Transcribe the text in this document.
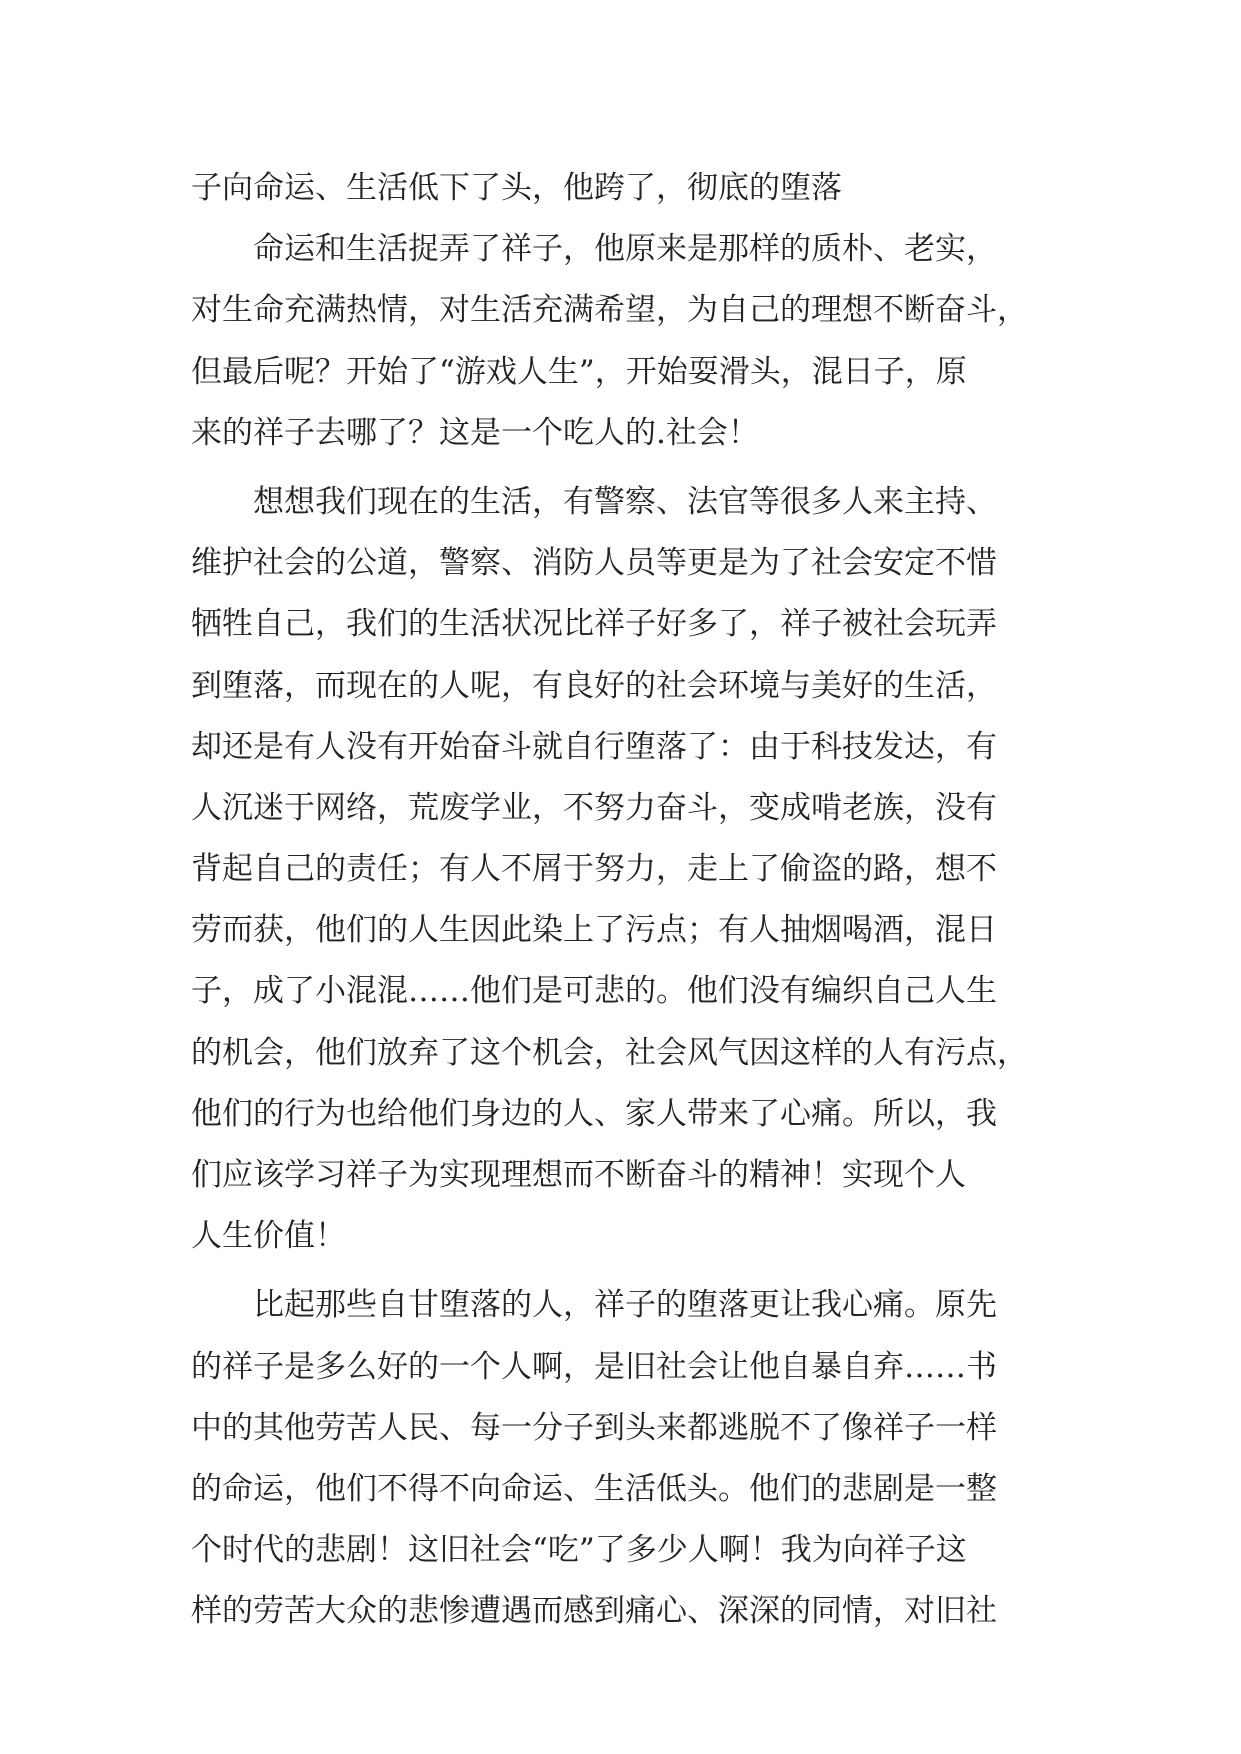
子向命运、生活低下了头，他跨了，彻底的堕落
　　命运和生活捉弄了祥子，他原来是那样的质朴、老实，
对生命充满热情，对生活充满希望，为自己的理想不断奋斗，
但最后呢？开始了“游戏人生”，开始耍滑头，混日子，原
来的祥子去哪了？这是一个吃人的.社会！
　　想想我们现在的生活，有警察、法官等很多人来主持、
维护社会的公道，警察、消防人员等更是为了社会安定不惜
牺牲自己，我们的生活状况比祥子好多了，祥子被社会玩弄
到堕落，而现在的人呢，有良好的社会环境与美好的生活，
却还是有人没有开始奋斗就自行堕落了：由于科技发达，有
人沉迷于网络，荒废学业，不努力奋斗，变成啃老族，没有
背起自己的责任；有人不屑于努力，走上了偷盗的路，想不
劳而获，他们的人生因此染上了污点；有人抽烟喝酒，混日
子，成了小混混……他们是可悲的。他们没有编织自己人生
的机会，他们放弃了这个机会，社会风气因这样的人有污点，
他们的行为也给他们身边的人、家人带来了心痛。所以，我
们应该学习祥子为实现理想而不断奋斗的精神！实现个人
人生价值！
　　比起那些自甘堕落的人，祥子的堕落更让我心痛。原先
的祥子是多么好的一个人啊，是旧社会让他自暴自弃……书
中的其他劳苦人民、每一分子到头来都逃脱不了像祥子一样
的命运，他们不得不向命运、生活低头。他们的悲剧是一整
个时代的悲剧！这旧社会“吃”了多少人啊！我为向祥子这
样的劳苦大众的悲惨遭遇而感到痛心、深深的同情，对旧社
